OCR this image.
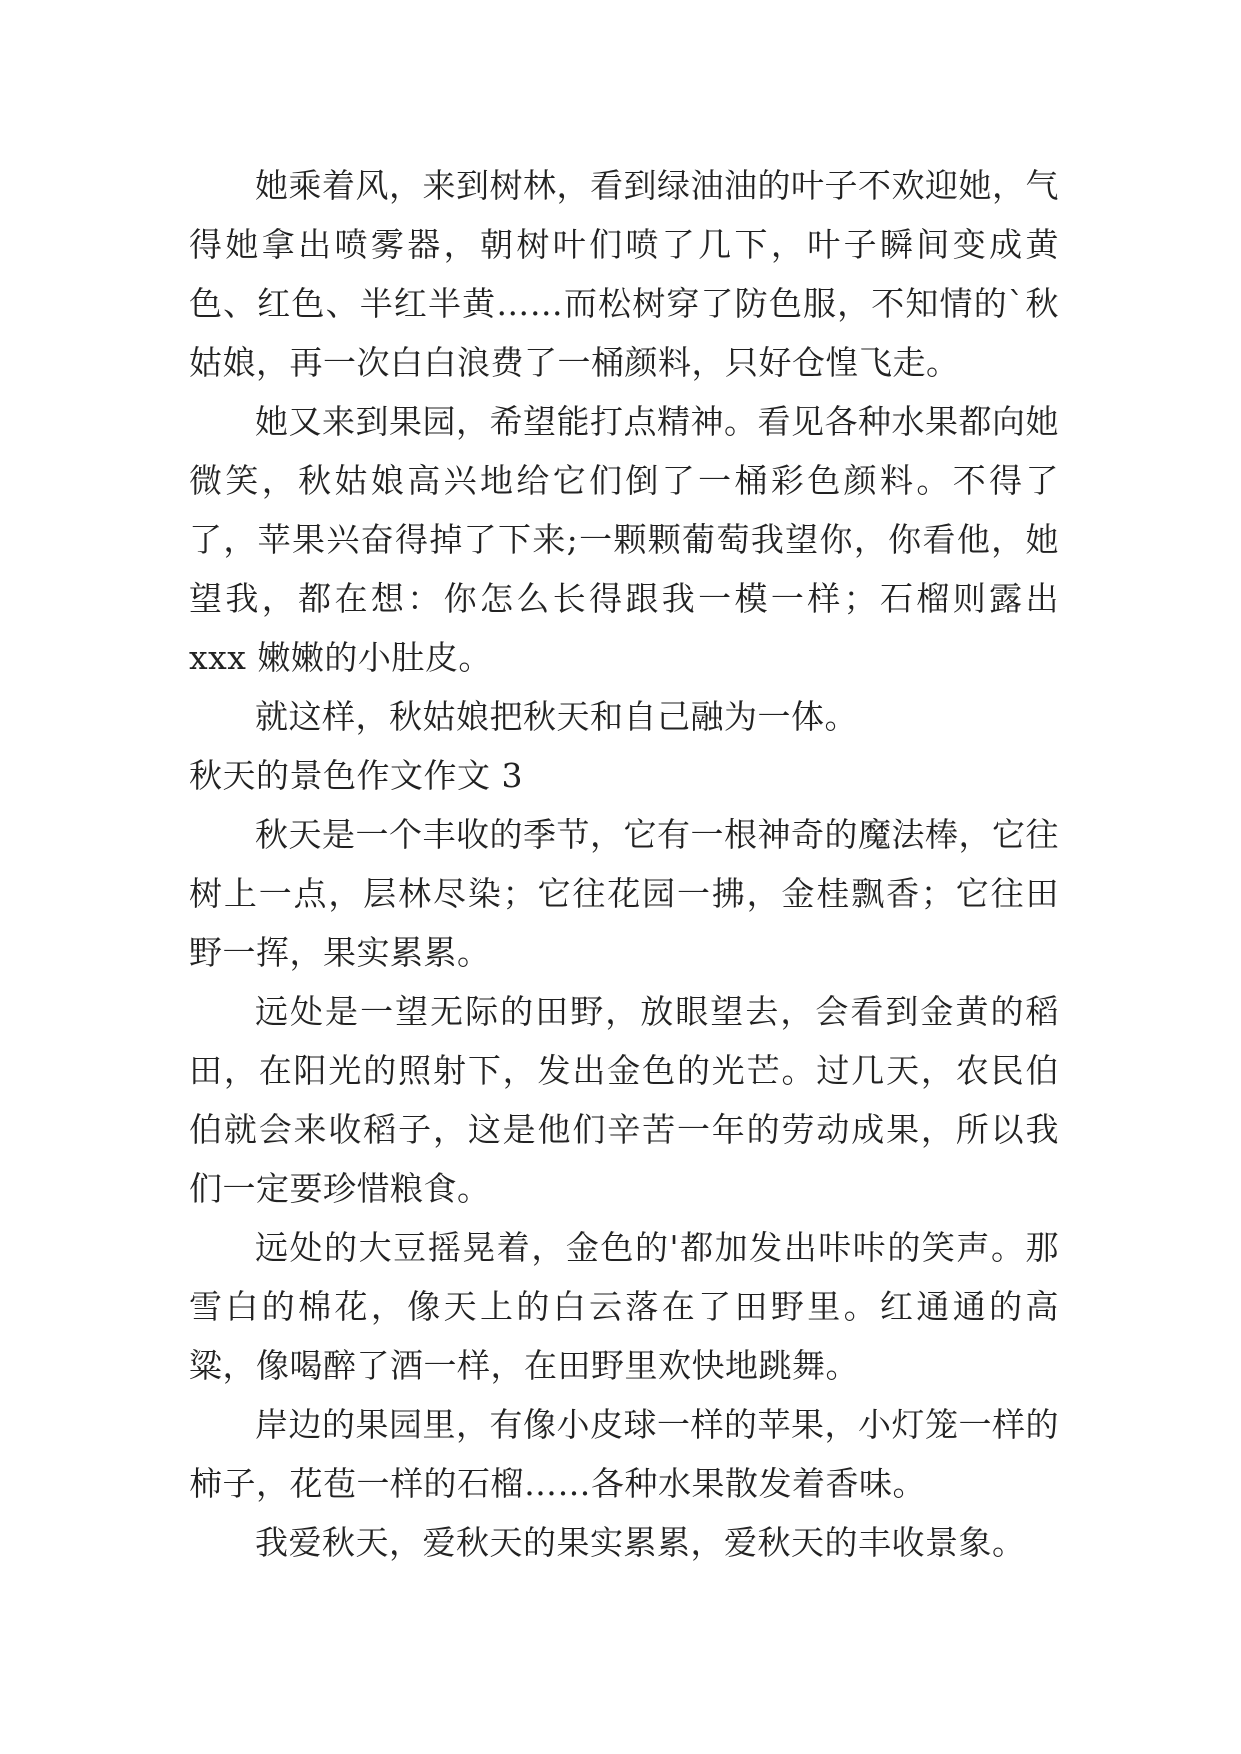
她乘着风，来到树林，看到绿油油的叶子不欢迎她，气得她拿出喷雾器，朝树叶们喷了几下，叶子瞬间变成黄色、红色、半红半黄……而松树穿了防色服，不知情的`秋姑娘，再一次白白浪费了一桶颜料，只好仓惶飞走。

她又来到果园，希望能打点精神。看见各种水果都向她微笑，秋姑娘高兴地给它们倒了一桶彩色颜料。不得了了，苹果兴奋得掉了下来;一颗颗葡萄我望你，你看他，她望我，都在想：你怎么长得跟我一模一样；石榴则露出 xxx 嫩嫩的小肚皮。

就这样，秋姑娘把秋天和自己融为一体。

秋天的景色作文作文 3

秋天是一个丰收的季节，它有一根神奇的魔法棒，它往树上一点，层林尽染；它往花园一拂，金桂飘香；它往田野一挥，果实累累。

远处是一望无际的田野，放眼望去，会看到金黄的稻田，在阳光的照射下，发出金色的光芒。过几天，农民伯伯就会来收稻子，这是他们辛苦一年的劳动成果，所以我们一定要珍惜粮食。

远处的大豆摇晃着，金色的'都加发出咔咔的笑声。那雪白的棉花，像天上的白云落在了田野里。红通通的高粱，像喝醉了酒一样，在田野里欢快地跳舞。

岸边的果园里，有像小皮球一样的苹果，小灯笼一样的柿子，花苞一样的石榴……各种水果散发着香味。

我爱秋天，爱秋天的果实累累，爱秋天的丰收景象。
